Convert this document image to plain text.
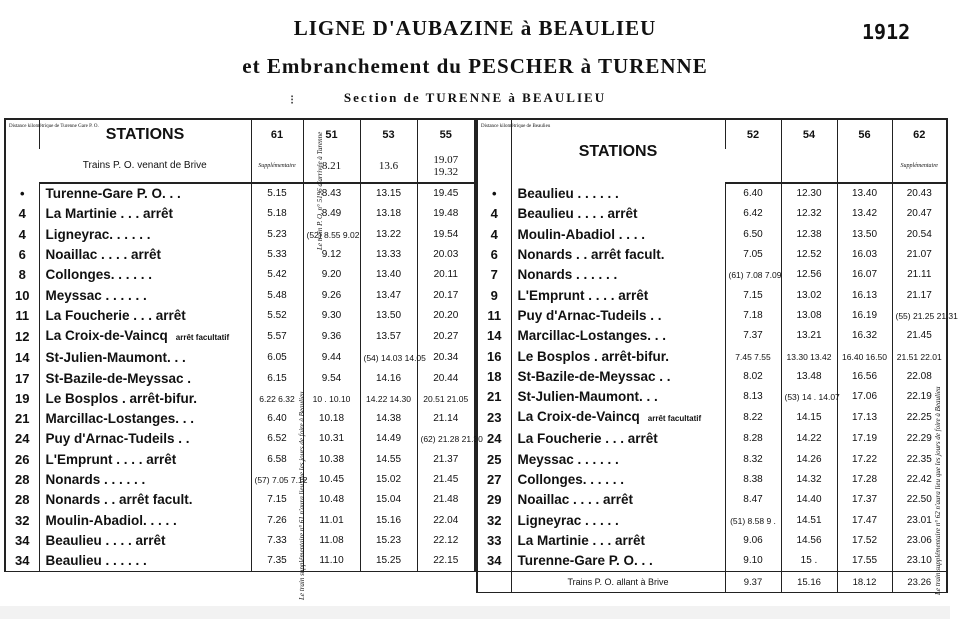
LIGNE D'AUBAZINE à BEAULIEU
et Embranchement du PESCHER à TURENNE
Section de TURENNE à BEAULIEU
1912
⁝
Distance kilométrique de Turenne Gare P. O.	STATIONS	61	51	53	55
	Trains P. O. venant de Brive	Supplémentaire	8.21	13.6	19.07
19.32
•	Turenne-Gare P. O. . .	5.15	8.43	13.15	19.45
4	La Martinie . . . arrêt	5.18	8.49	13.18	19.48
4	Ligneyrac. . . . . .	5.23	(52) 8.55 9.02	13.22	19.54
6	Noaillac . . . . arrêt	5.33	9.12	13.33	20.03
8	Collonges. . . . . .	5.42	9.20	13.40	20.11
10	Meyssac . . . . . .	5.48	9.26	13.47	20.17
11	La Foucherie . . . arrêt	5.52	9.30	13.50	20.20
12	La Croix-de-Vaincq arrêt facultatif	5.57	9.36	13.57	20.27
14	St-Julien-Maumont. . .	6.05	9.44	(54) 14.03 14.05	20.34
17	St-Bazile-de-Meyssac .	6.15	9.54	14.16	20.44
19	Le Bosplos . arrêt-bifur.	6.22 6.32	10 . 10.10	14.22 14.30	20.51 21.05
21	Marcillac-Lostanges. . .	6.40	10.18	14.38	21.14
24	Puy d'Arnac-Tudeils . .	6.52	10.31	14.49	(62) 21.28 21.30
26	L'Emprunt . . . . arrêt	6.58	10.38	14.55	21.37
28	Nonards . . . . . .	(57) 7.05 7.12	10.45	15.02	21.45
28	Nonards . . arrêt facult.	7.15	10.48	15.04	21.48
32	Moulin-Abadiol. . . . .	7.26	11.01	15.16	22.04
34	Beaulieu . . . . arrêt	7.33	11.08	15.23	22.12
34	Beaulieu . . . . . .	7.35	11.10	15.25	22.15
Distance kilométrique de Beaulieu	STATIONS	52	54	56	62
					Supplémentaire
•	Beaulieu . . . . . .	6.40	12.30	13.40	20.43
4	Beaulieu . . . . arrêt	6.42	12.32	13.42	20.47
4	Moulin-Abadiol . . . .	6.50	12.38	13.50	20.54
6	Nonards . . arrêt facult.	7.05	12.52	16.03	21.07
7	Nonards . . . . . .	(61) 7.08 7.09	12.56	16.07	21.11
9	L'Emprunt . . . . arrêt	7.15	13.02	16.13	21.17
11	Puy d'Arnac-Tudeils . .	7.18	13.08	16.19	(55) 21.25 21.31
14	Marcillac-Lostanges. . .	7.37	13.21	16.32	21.45
16	Le Bosplos . arrêt-bifur.	7.45 7.55	13.30 13.42	16.40 16.50	21.51 22.01
18	St-Bazile-de-Meyssac . .	8.02	13.48	16.56	22.08
21	St-Julien-Maumont. . .	8.13	(53) 14 . 14.07	17.06	22.19
23	La Croix-de-Vaincq arrêt facultatif	8.22	14.15	17.13	22.25
24	La Foucherie . . . arrêt	8.28	14.22	17.19	22.29
25	Meyssac . . . . . .	8.32	14.26	17.22	22.35
27	Collonges. . . . . .	8.38	14.32	17.28	22.42
29	Noaillac . . . . arrêt	8.47	14.40	17.37	22.50
32	Ligneyrac . . . . .	(51) 8.58 9 .	14.51	17.47	23.01
33	La Martinie . . . arrêt	9.06	14.56	17.52	23.06
34	Turenne-Gare P. O. . .	9.10	15 .	17.55	23.10
	Trains P. O. allant à Brive	9.37	15.16	18.12	23.26
Le train supplémentaire n° 61 n'aura lieu que les jours de foire à Beaulieu
Le train P. O. n° 5196 d'arrivée à Turenne
Le train supplémentaire n° 62 n'aura lieu que les jours de foire à Beaulieu
